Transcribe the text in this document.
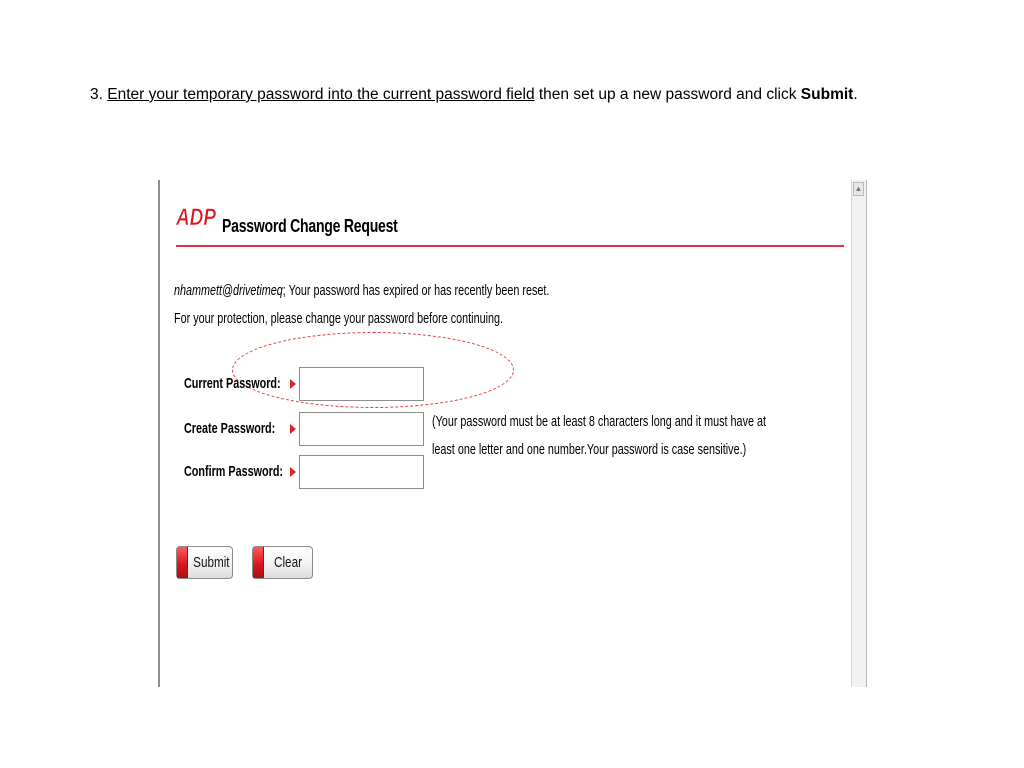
3. Enter your temporary password into the current password field then set up a new password and click Submit.
▲
ADP Password Change Request
nhammett@drivetimeq; Your password has expired or has recently been reset.
For your protection, please change your password before continuing.
Current Password:
Create Password:
Confirm Password:
(Your password must be at least 8 characters long and it must have at
least one letter and one number.Your password is case sensitive.)
Submit	Clear
